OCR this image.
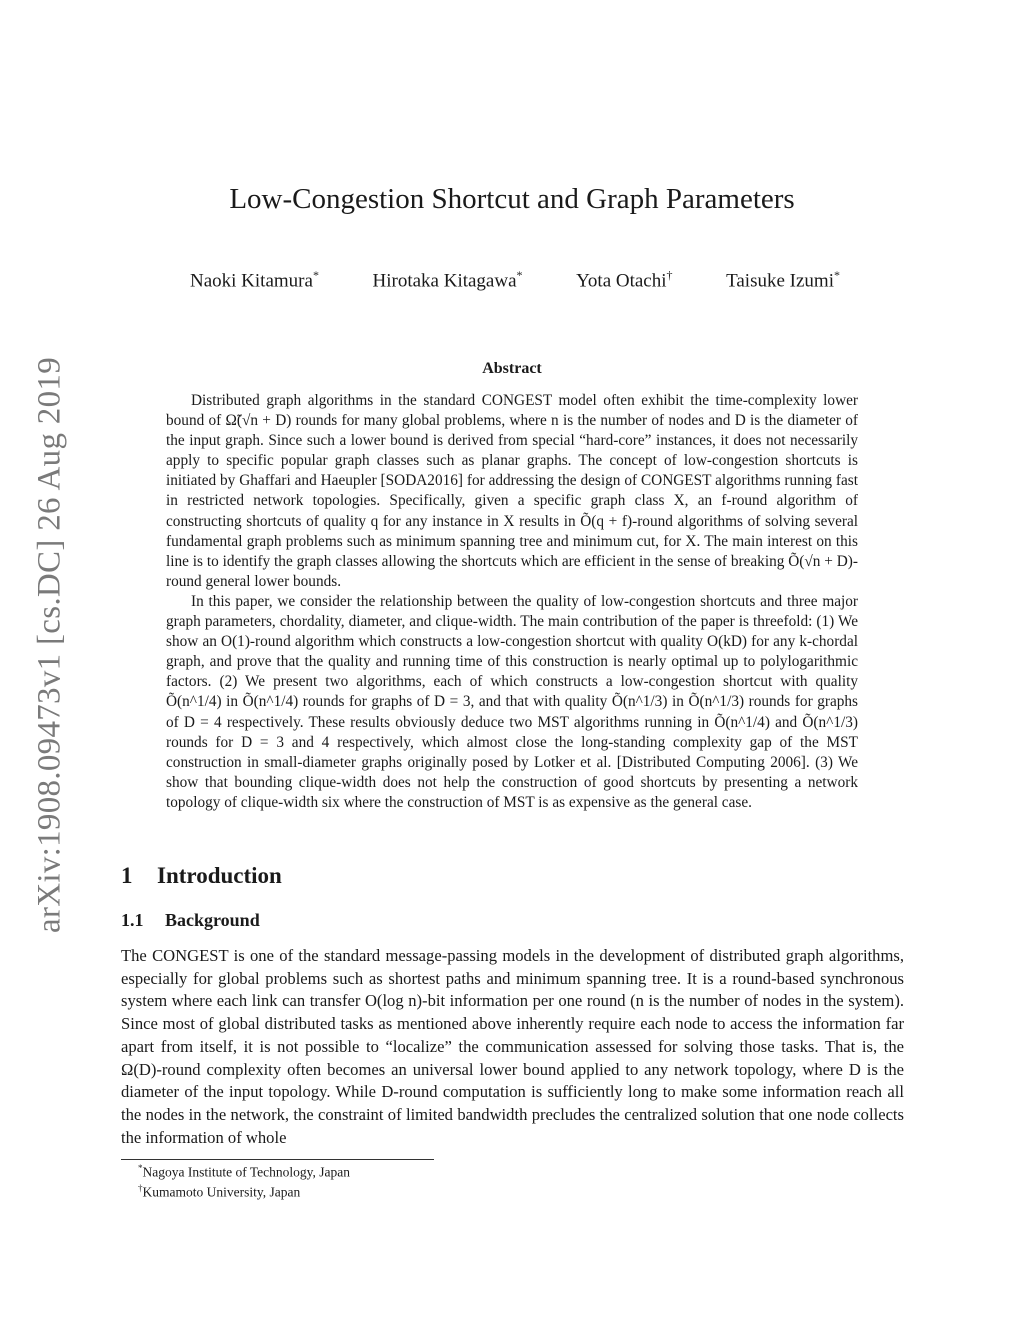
arXiv:1908.09473v1 [cs.DC] 26 Aug 2019
Low-Congestion Shortcut and Graph Parameters
Naoki Kitamura*	Hirotaka Kitagawa*	Yota Otachi†	Taisuke Izumi*
Abstract

Distributed graph algorithms in the standard CONGEST model often exhibit the time-complexity lower bound of Ω̃(√n + D) rounds for many global problems, where n is the number of nodes and D is the diameter of the input graph. Since such a lower bound is derived from special “hard-core” instances, it does not necessarily apply to specific popular graph classes such as planar graphs. The concept of low-congestion shortcuts is initiated by Ghaffari and Haeupler [SODA2016] for addressing the design of CONGEST algorithms running fast in restricted network topologies. Specifically, given a specific graph class X, an f-round algorithm of constructing shortcuts of quality q for any instance in X results in Õ(q + f)-round algorithms of solving several fundamental graph problems such as minimum spanning tree and minimum cut, for X. The main interest on this line is to identify the graph classes allowing the shortcuts which are efficient in the sense of breaking Õ(√n + D)-round general lower bounds.

In this paper, we consider the relationship between the quality of low-congestion shortcuts and three major graph parameters, chordality, diameter, and clique-width. The main contribution of the paper is threefold: (1) We show an O(1)-round algorithm which constructs a low-congestion shortcut with quality O(kD) for any k-chordal graph, and prove that the quality and running time of this construction is nearly optimal up to polylogarithmic factors. (2) We present two algorithms, each of which constructs a low-congestion shortcut with quality Õ(n^1/4) in Õ(n^1/4) rounds for graphs of D = 3, and that with quality Õ(n^1/3) in Õ(n^1/3) rounds for graphs of D = 4 respectively. These results obviously deduce two MST algorithms running in Õ(n^1/4) and Õ(n^1/3) rounds for D = 3 and 4 respectively, which almost close the long-standing complexity gap of the MST construction in small-diameter graphs originally posed by Lotker et al. [Distributed Computing 2006]. (3) We show that bounding clique-width does not help the construction of good shortcuts by presenting a network topology of clique-width six where the construction of MST is as expensive as the general case.

1 Introduction
1.1 Background

The CONGEST is one of the standard message-passing models in the development of distributed graph algorithms, especially for global problems such as shortest paths and minimum spanning tree. It is a round-based synchronous system where each link can transfer O(log n)-bit information per one round (n is the number of nodes in the system). Since most of global distributed tasks as mentioned above inherently require each node to access the information far apart from itself, it is not possible to “localize” the communication assessed for solving those tasks. That is, the Ω(D)-round complexity often becomes an universal lower bound applied to any network topology, where D is the diameter of the input topology. While D-round computation is sufficiently long to make some information reach all the nodes in the network, the constraint of limited bandwidth precludes the centralized solution that one node collects the information of whole

*Nagoya Institute of Technology, Japan
†Kumamoto University, Japan
